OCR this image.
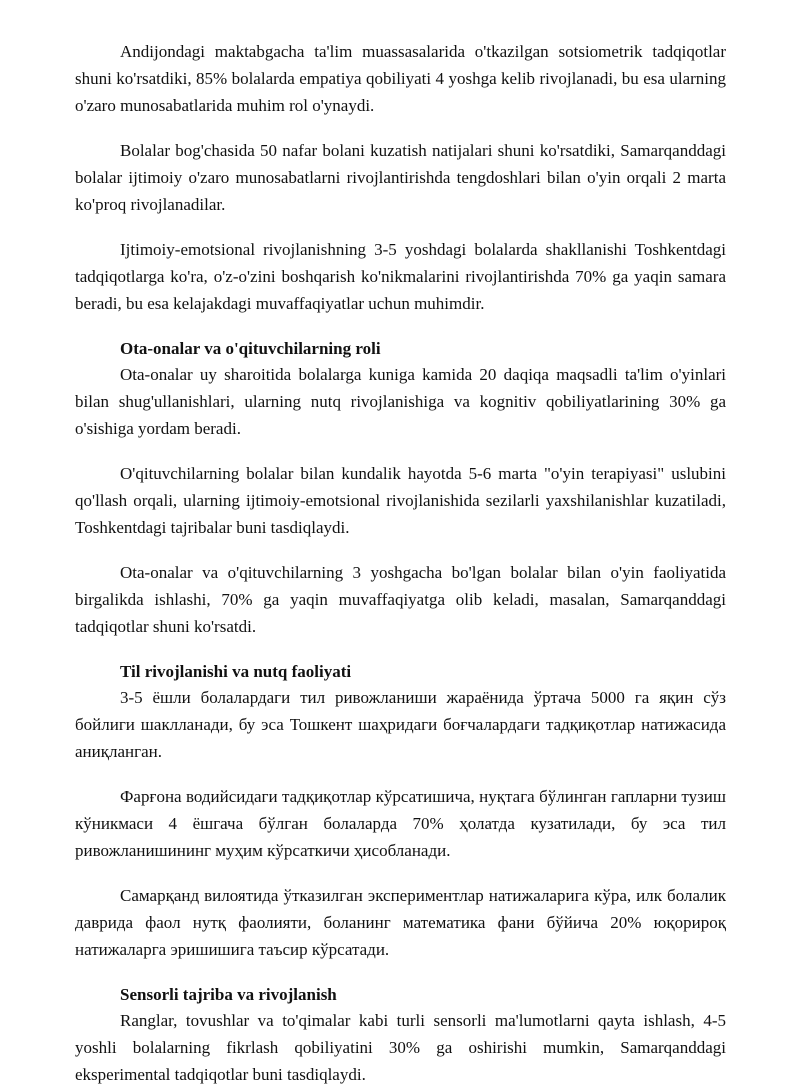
Andijondagi maktabgacha ta'lim muassasalarida o'tkazilgan sotsiometrik tadqiqotlar shuni ko'rsatdiki, 85% bolalarda empatiya qobiliyati 4 yoshga kelib rivojlanadi, bu esa ularning o'zaro munosabatlarida muhim rol o'ynaydi.

Bolalar bog'chasida 50 nafar bolani kuzatish natijalari shuni ko'rsatdiki, Samarqanddagi bolalar ijtimoiy o'zaro munosabatlarni rivojlantirishda tengdoshlari bilan o'yin orqali 2 marta ko'proq rivojlanadilar.

Ijtimoiy-emotsional rivojlanishning 3-5 yoshdagi bolalarda shakllanishi Toshkentdagi tadqiqotlarga ko'ra, o'z-o'zini boshqarish ko'nikmalarini rivojlantirishda 70% ga yaqin samara beradi, bu esa kelajakdagi muvaffaqiyatlar uchun muhimdir.

Ota-onalar va o'qituvchilarning roli

Ota-onalar uy sharoitida bolalarga kuniga kamida 20 daqiqa maqsadli ta'lim o'yinlari bilan shug'ullanishlari, ularning nutq rivojlanishiga va kognitiv qobiliyatlarining 30% ga o'sishiga yordam beradi.

O'qituvchilarning bolalar bilan kundalik hayotda 5-6 marta "o'yin terapiyasi" uslubini qo'llash orqali, ularning ijtimoiy-emotsional rivojlanishida sezilarli yaxshilanishlar kuzatiladi, Toshkentdagi tajribalar buni tasdiqlaydi.

Ota-onalar va o'qituvchilarning 3 yoshgacha bo'lgan bolalar bilan o'yin faoliyatida birgalikda ishlashi, 70% ga yaqin muvaffaqiyatga olib keladi, masalan, Samarqanddagi tadqiqotlar shuni ko'rsatdi.

Til rivojlanishi va nutq faoliyati

3-5 ёшли болалардаги тил ривожланиши жараёнида ўртача 5000 га яқин сўз бойлиги шаклланади, бу эса Тошкент шаҳридаги боғчалардаги тадқиқотлар натижасида аниқланган.

Фарғона водийсидаги тадқиқотлар кўрсатишича, нуқтага бўлинган гапларни тузиш кўникмаси 4 ёшгача бўлган болаларда 70% ҳолатда кузатилади, бу эса тил ривожланишининг муҳим кўрсаткичи ҳисобланади.

Самарқанд вилоятида ўтказилган экспериментлар натижаларига кўра, илк болалик даврида фаол нутқ фаолияти, боланинг математика фани бўйича 20% юқорироқ натижаларга эришишига таъсир кўрсатади.

Sensorli tajriba va rivojlanish

Ranglar, tovushlar va to'qimalar kabi turli sensorli ma'lumotlarni qayta ishlash, 4-5 yoshli bolalarning fikrlash qobiliyatini 30% ga oshirishi mumkin, Samarqanddagi eksperimental tadqiqotlar buni tasdiqlaydi.
